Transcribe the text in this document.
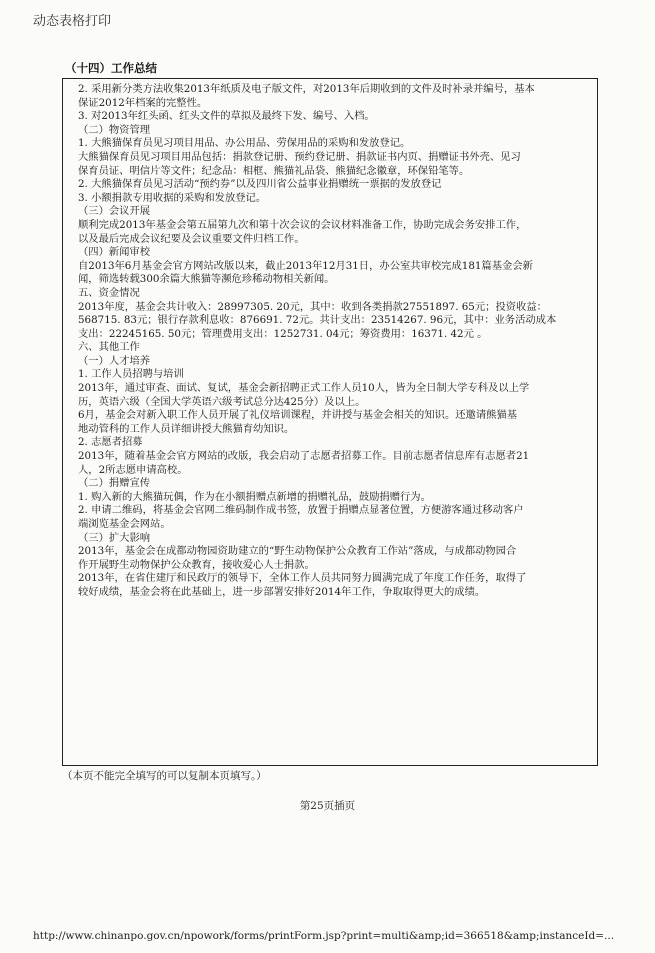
动态表格打印
（十四）工作总结
2. 采用新分类方法收集2013年纸质及电子版文件，对2013年后期收到的文件及时补录并编号，基本
保证2012年档案的完整性。
3. 对2013年红头函、红头文件的草拟及最终下发、编号、入档。
（二）物资管理
1. 大熊猫保育员见习项目用品、办公用品、劳保用品的采购和发放登记。
大熊猫保育员见习项目用品包括：捐款登记册、预约登记册、捐款证书内页、捐赠证书外壳、见习
保育员证、明信片等文件；纪念品：相框、熊猫礼品袋、熊猫纪念徽章，环保铅笔等。
2. 大熊猫保育员见习活动“预约券”以及四川省公益事业捐赠统一票据的发放登记
3. 小额捐款专用收据的采购和发放登记。
（三）会议开展
顺利完成2013年基金会第五届第九次和第十次会议的会议材料准备工作，协助完成会务安排工作，
以及最后完成会议纪要及会议重要文件归档工作。
（四）新闻审校
自2013年6月基金会官方网站改版以来，截止2013年12月31日，办公室共审校完成181篇基金会新
闻，筛选转载300余篇大熊猫等濒危珍稀动物相关新闻。
五、资金情况
2013年度，基金会共计收入：28997305. 20元，其中：收到各类捐款27551897. 65元；投资收益：
568715. 83元；银行存款利息收：876691. 72元。共计支出：23514267. 96元，其中：业务活动成本
支出：22245165. 50元；管理费用支出：1252731. 04元；筹资费用：16371. 42元 。
六、其他工作
（一）人才培养
1. 工作人员招聘与培训
2013年，通过审查、面试、复试，基金会新招聘正式工作人员10人，皆为全日制大学专科及以上学
历，英语六级（全国大学英语六级考试总分达425分）及以上。
6月，基金会对新入职工作人员开展了礼仪培训课程，并讲授与基金会相关的知识。还邀请熊猫基
地动管科的工作人员详细讲授大熊猫育幼知识。
2. 志愿者招募
2013年，随着基金会官方网站的改版，我会启动了志愿者招募工作。目前志愿者信息库有志愿者21
人，2所志愿申请高校。
（二）捐赠宣传
1. 购入新的大熊猫玩偶，作为在小额捐赠点新增的捐赠礼品，鼓励捐赠行为。
2. 申请二维码，将基金会官网二维码制作成书签，放置于捐赠点显著位置，方便游客通过移动客户
端浏览基金会网站。
（三）扩大影响
2013年，基金会在成都动物园资助建立的“野生动物保护公众教育工作站”落成，与成都动物园合
作开展野生动物保护公众教育，接收爱心人士捐款。
2013年，在省住建厅和民政厅的领导下，全体工作人员共同努力圆满完成了年度工作任务，取得了
较好成绩，基金会将在此基础上，进一步部署安排好2014年工作，争取取得更大的成绩。
（本页不能完全填写的可以复制本页填写。）
第25页插页
http://www.chinanpo.gov.cn/npowork/forms/printForm.jsp?print=multi&amp;id=366518&amp;instanceId=...
